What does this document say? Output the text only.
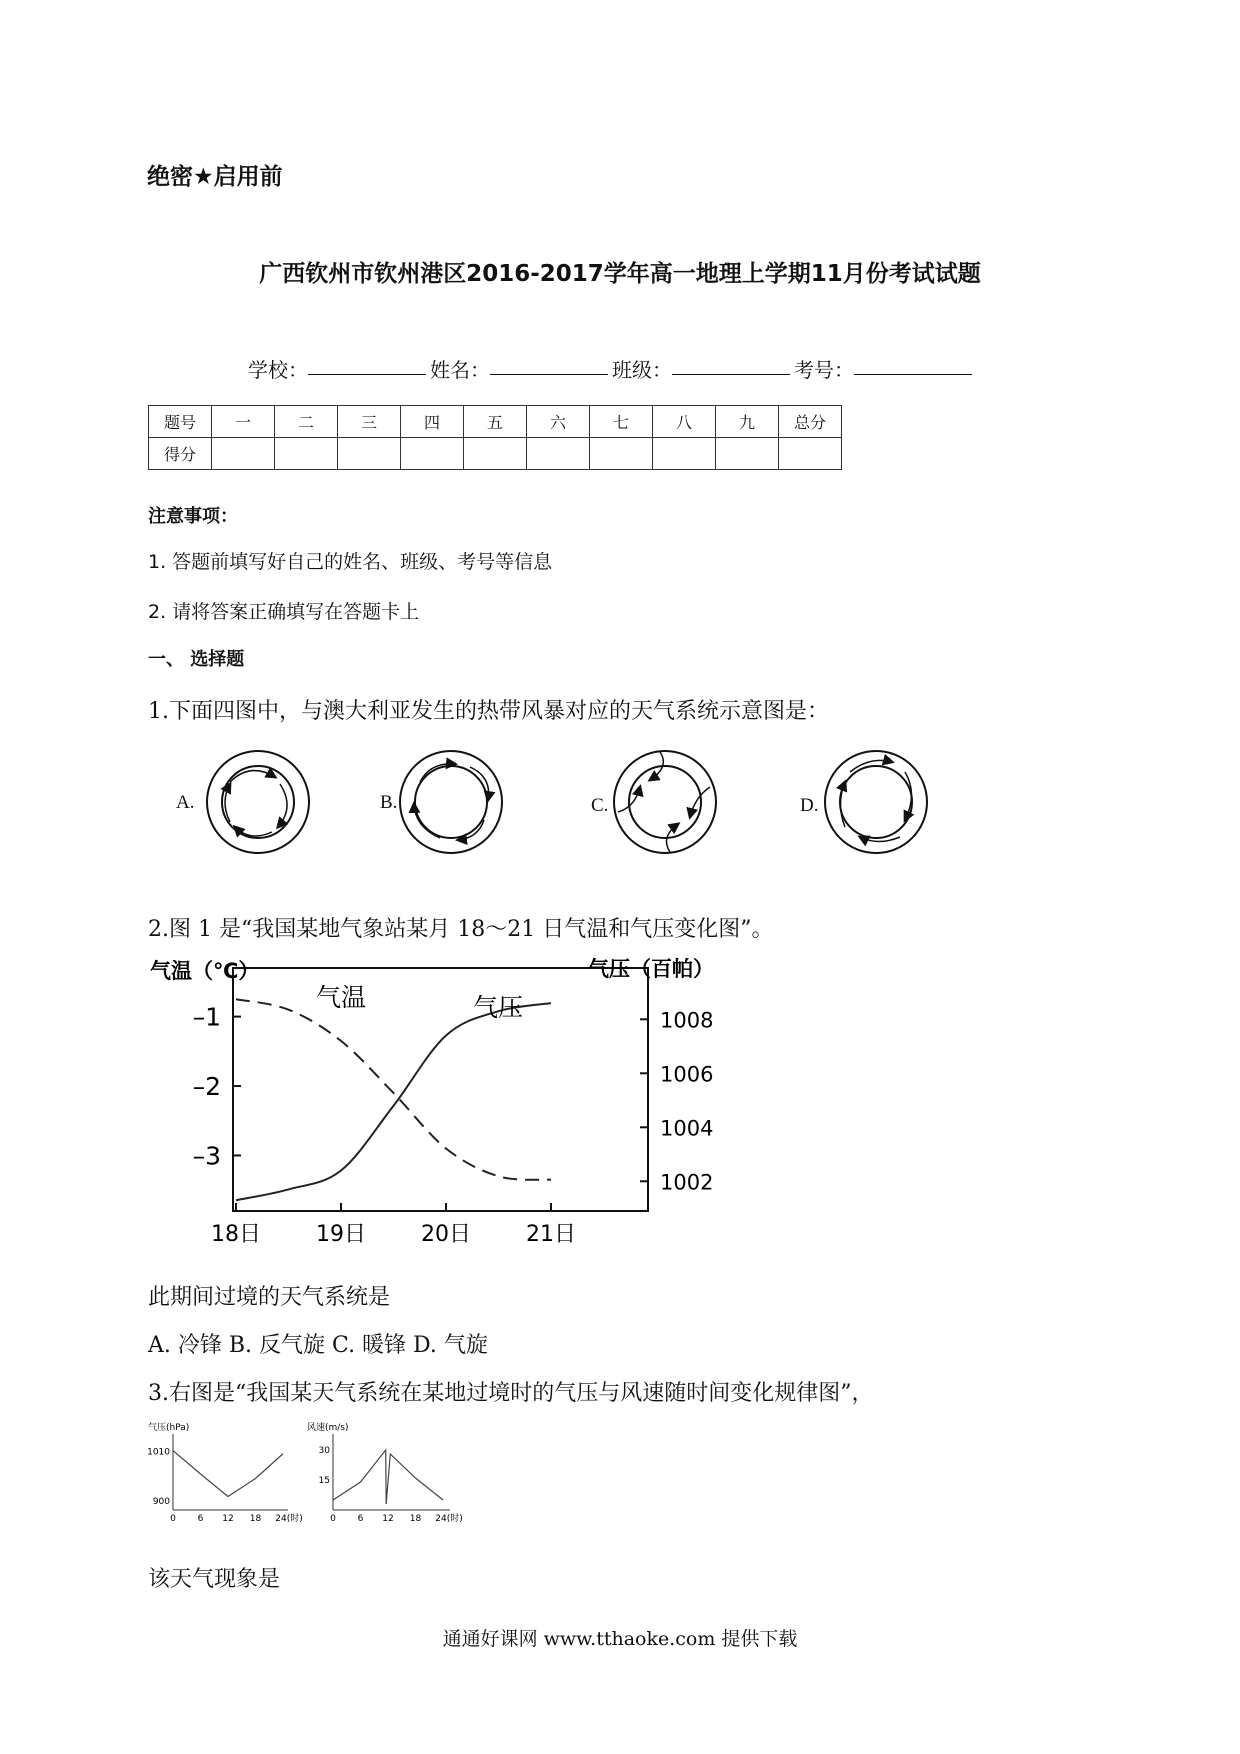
绝密★启用前
广西钦州市钦州港区2016-2017学年高一地理上学期11月份考试试题
学校：	姓名：	班级：	考号：
题号	一	二	三	四	五	六	七	八	九	总分
得分										
注意事项：
1. 答题前填写好自己的姓名、班级、考号等信息
2. 请将答案正确填写在答题卡上
一、 选择题
1.下面四图中，与澳大利亚发生的热带风暴对应的天气系统示意图是：
A.	B.	C.	D.
2.图 1 是“我国某地气象站某月 18～21 日气温和气压变化图”。
气温（℃）	气压（百帕）
–1
–2
–3
1008
1006
1004
1002
18日	19日	20日	21日
气温	气压
此期间过境的天气系统是
A. 冷锋 B. 反气旋 C. 暖锋 D. 气旋
3.右图是“我国某天气系统在某地过境时的气压与风速随时间变化规律图”，
气压(hPa)
1010
900
0 6 12 18 24(时)
风速(m/s)
30
15
0 6 12 18 24(时)
该天气现象是
通通好课网 www.tthaoke.com 提供下载
